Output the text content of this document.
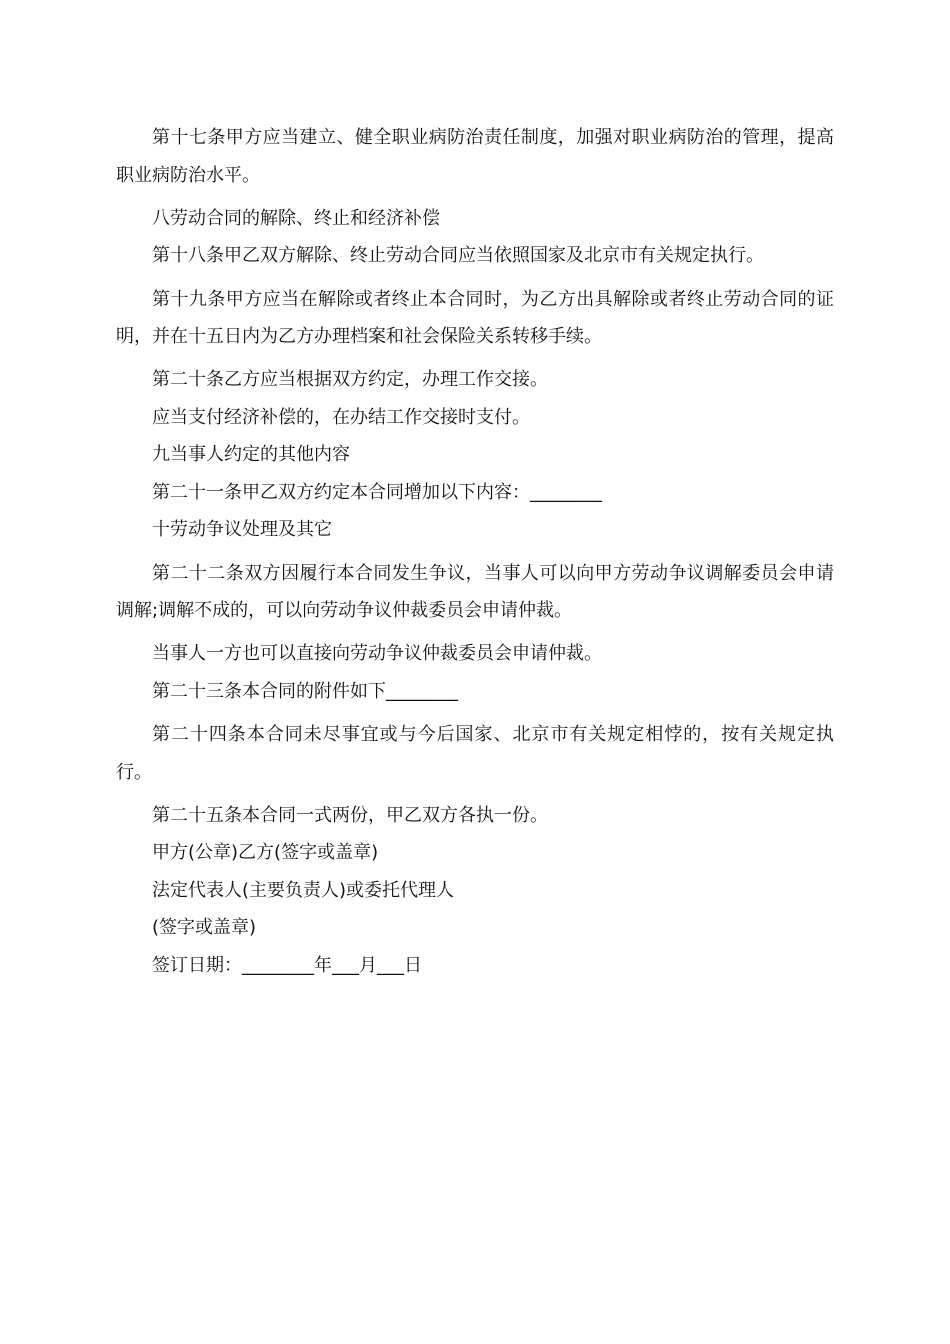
第十七条甲方应当建立、健全职业病防治责任制度，加强对职业病防治的管理，提高职业病防治水平。

八劳动合同的解除、终止和经济补偿

第十八条甲乙双方解除、终止劳动合同应当依照国家及北京市有关规定执行。

第十九条甲方应当在解除或者终止本合同时，为乙方出具解除或者终止劳动合同的证明，并在十五日内为乙方办理档案和社会保险关系转移手续。

第二十条乙方应当根据双方约定，办理工作交接。

应当支付经济补偿的，在办结工作交接时支付。

九当事人约定的其他内容

第二十一条甲乙双方约定本合同增加以下内容：________

十劳动争议处理及其它

第二十二条双方因履行本合同发生争议，当事人可以向甲方劳动争议调解委员会申请调解;调解不成的，可以向劳动争议仲裁委员会申请仲裁。

当事人一方也可以直接向劳动争议仲裁委员会申请仲裁。

第二十三条本合同的附件如下________

第二十四条本合同未尽事宜或与今后国家、北京市有关规定相悖的，按有关规定执行。

第二十五条本合同一式两份，甲乙双方各执一份。

甲方(公章)乙方(签字或盖章)

法定代表人(主要负责人)或委托代理人

(签字或盖章)

签订日期：________年___月___日
